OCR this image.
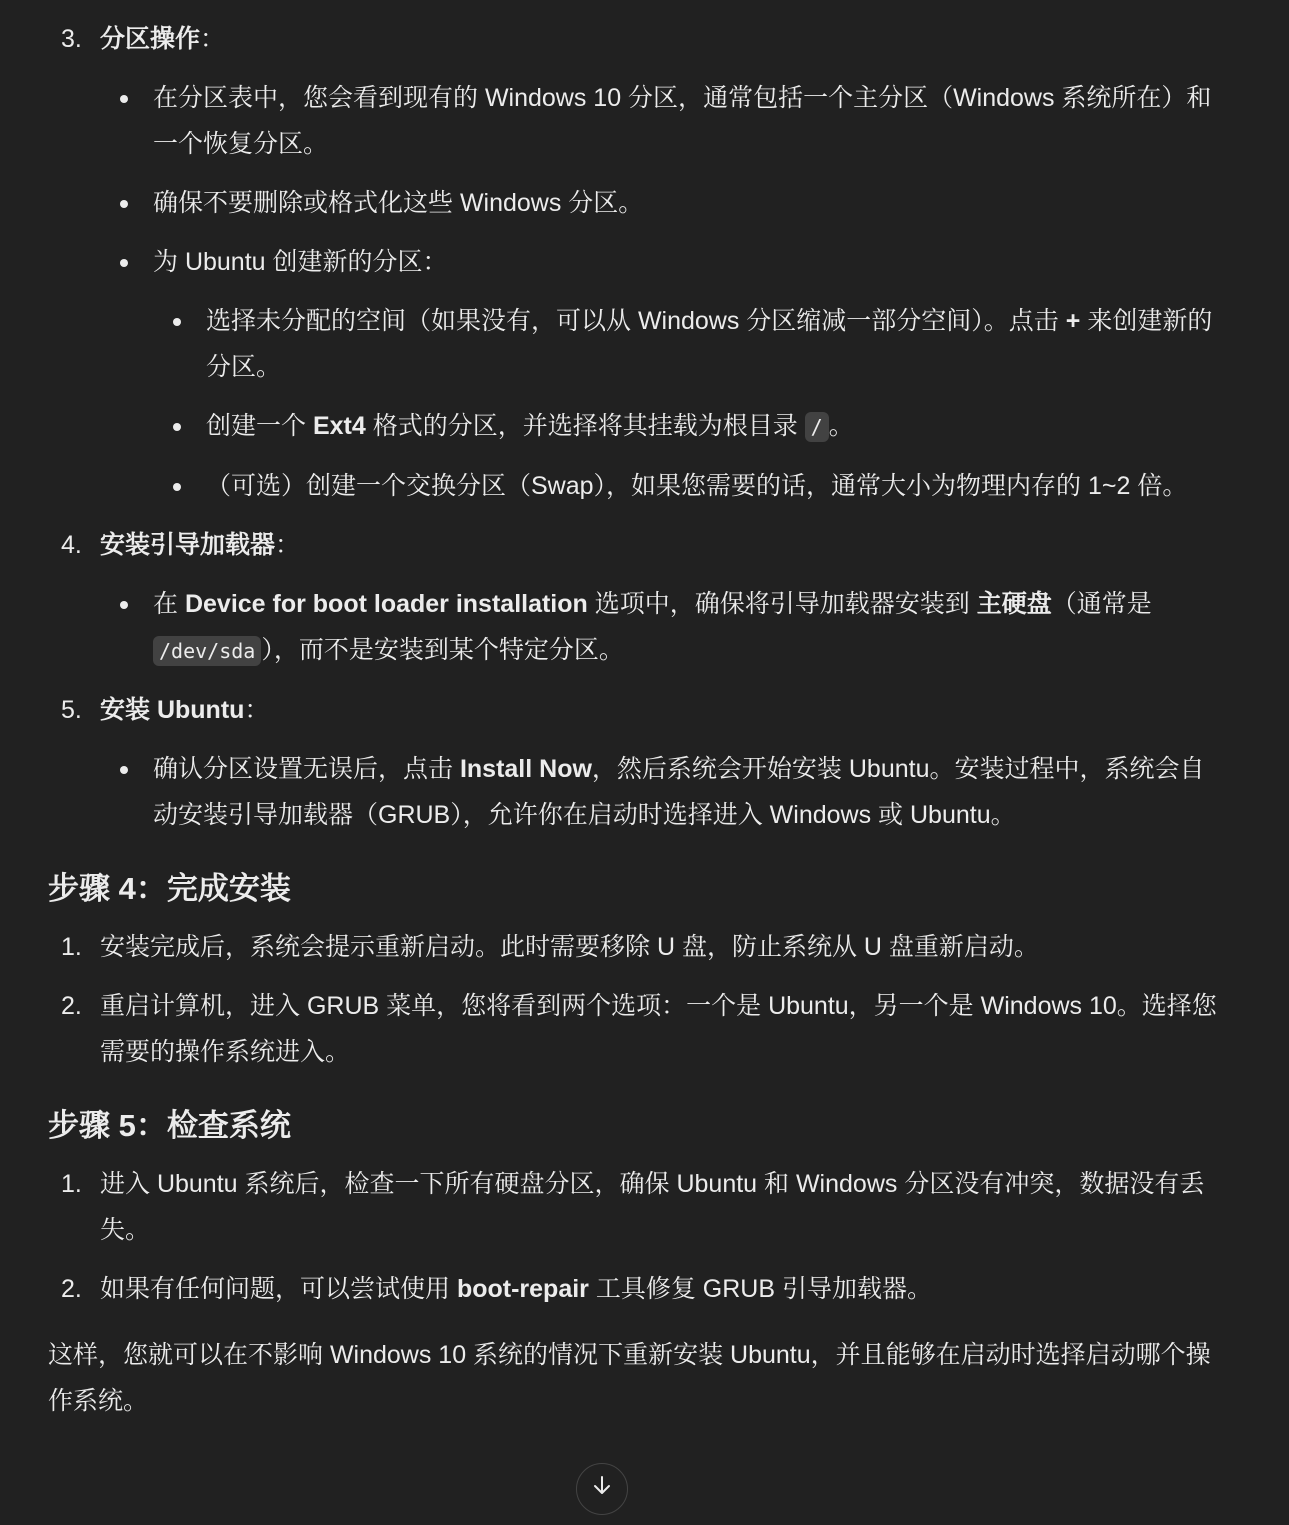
3. 分区操作：
在分区表中，您会看到现有的 Windows 10 分区，通常包括一个主分区（Windows 系统所在）和一个恢复分区。
确保不要删除或格式化这些 Windows 分区。
为 Ubuntu 创建新的分区：
选择未分配的空间（如果没有，可以从 Windows 分区缩减一部分空间）。点击 + 来创建新的分区。
创建一个 Ext4 格式的分区，并选择将其挂载为根目录 / 。
（可选）创建一个交换分区（Swap），如果您需要的话，通常大小为物理内存的 1~2 倍。
4. 安装引导加载器：
在 Device for boot loader installation 选项中，确保将引导加载器安装到 主硬盘（通常是 /dev/sda ），而不是安装到某个特定分区。
5. 安装 Ubuntu：
确认分区设置无误后，点击 Install Now，然后系统会开始安装 Ubuntu。安装过程中，系统会自动安装引导加载器（GRUB），允许你在启动时选择进入 Windows 或 Ubuntu。
步骤 4：完成安装
1. 安装完成后，系统会提示重新启动。此时需要移除 U 盘，防止系统从 U 盘重新启动。
2. 重启计算机，进入 GRUB 菜单，您将看到两个选项：一个是 Ubuntu，另一个是 Windows 10。选择您需要的操作系统进入。
步骤 5：检查系统
1. 进入 Ubuntu 系统后，检查一下所有硬盘分区，确保 Ubuntu 和 Windows 分区没有冲突，数据没有丢失。
2. 如果有任何问题，可以尝试使用 boot-repair 工具修复 GRUB 引导加载器。

这样，您就可以在不影响 Windows 10 系统的情况下重新安装 Ubuntu，并且能够在启动时选择启动哪个操作系统。
